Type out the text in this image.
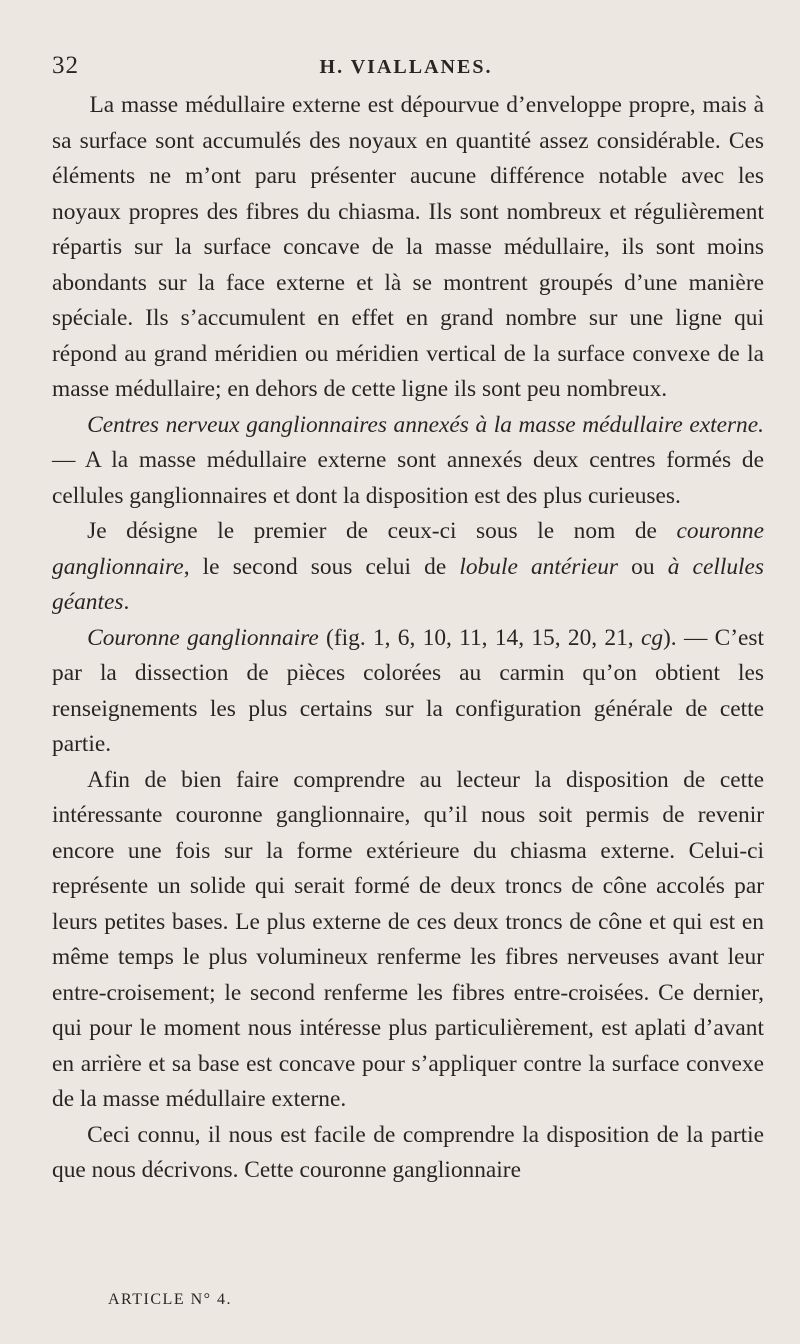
32	H. VIALLANES.

La masse médullaire externe est dépourvue d’enveloppe propre, mais à sa surface sont accumulés des noyaux en quantité assez considérable. Ces éléments ne m’ont paru présenter aucune différence notable avec les noyaux propres des fibres du chiasma. Ils sont nombreux et régulièrement répartis sur la surface concave de la masse médullaire, ils sont moins abondants sur la face externe et là se montrent groupés d’une manière spéciale. Ils s’accumulent en effet en grand nombre sur une ligne qui répond au grand méridien ou méridien vertical de la surface convexe de la masse médullaire; en dehors de cette ligne ils sont peu nombreux.

Centres nerveux ganglionnaires annexés à la masse médullaire externe. — A la masse médullaire externe sont annexés deux centres formés de cellules ganglionnaires et dont la disposition est des plus curieuses.

Je désigne le premier de ceux-ci sous le nom de couronne ganglionnaire, le second sous celui de lobule antérieur ou à cellules géantes.

Couronne ganglionnaire (fig. 1, 6, 10, 11, 14, 15, 20, 21, cg). — C’est par la dissection de pièces colorées au carmin qu’on obtient les renseignements les plus certains sur la configuration générale de cette partie.

Afin de bien faire comprendre au lecteur la disposition de cette intéressante couronne ganglionnaire, qu’il nous soit permis de revenir encore une fois sur la forme extérieure du chiasma externe. Celui-ci représente un solide qui serait formé de deux troncs de cône accolés par leurs petites bases. Le plus externe de ces deux troncs de cône et qui est en même temps le plus volumineux renferme les fibres nerveuses avant leur entre-croisement; le second renferme les fibres entre-croisées. Ce dernier, qui pour le moment nous intéresse plus particulièrement, est aplati d’avant en arrière et sa base est concave pour s’appliquer contre la surface convexe de la masse médullaire externe.

Ceci connu, il nous est facile de comprendre la disposition de la partie que nous décrivons. Cette couronne ganglionnaire

ARTICLE N° 4.
